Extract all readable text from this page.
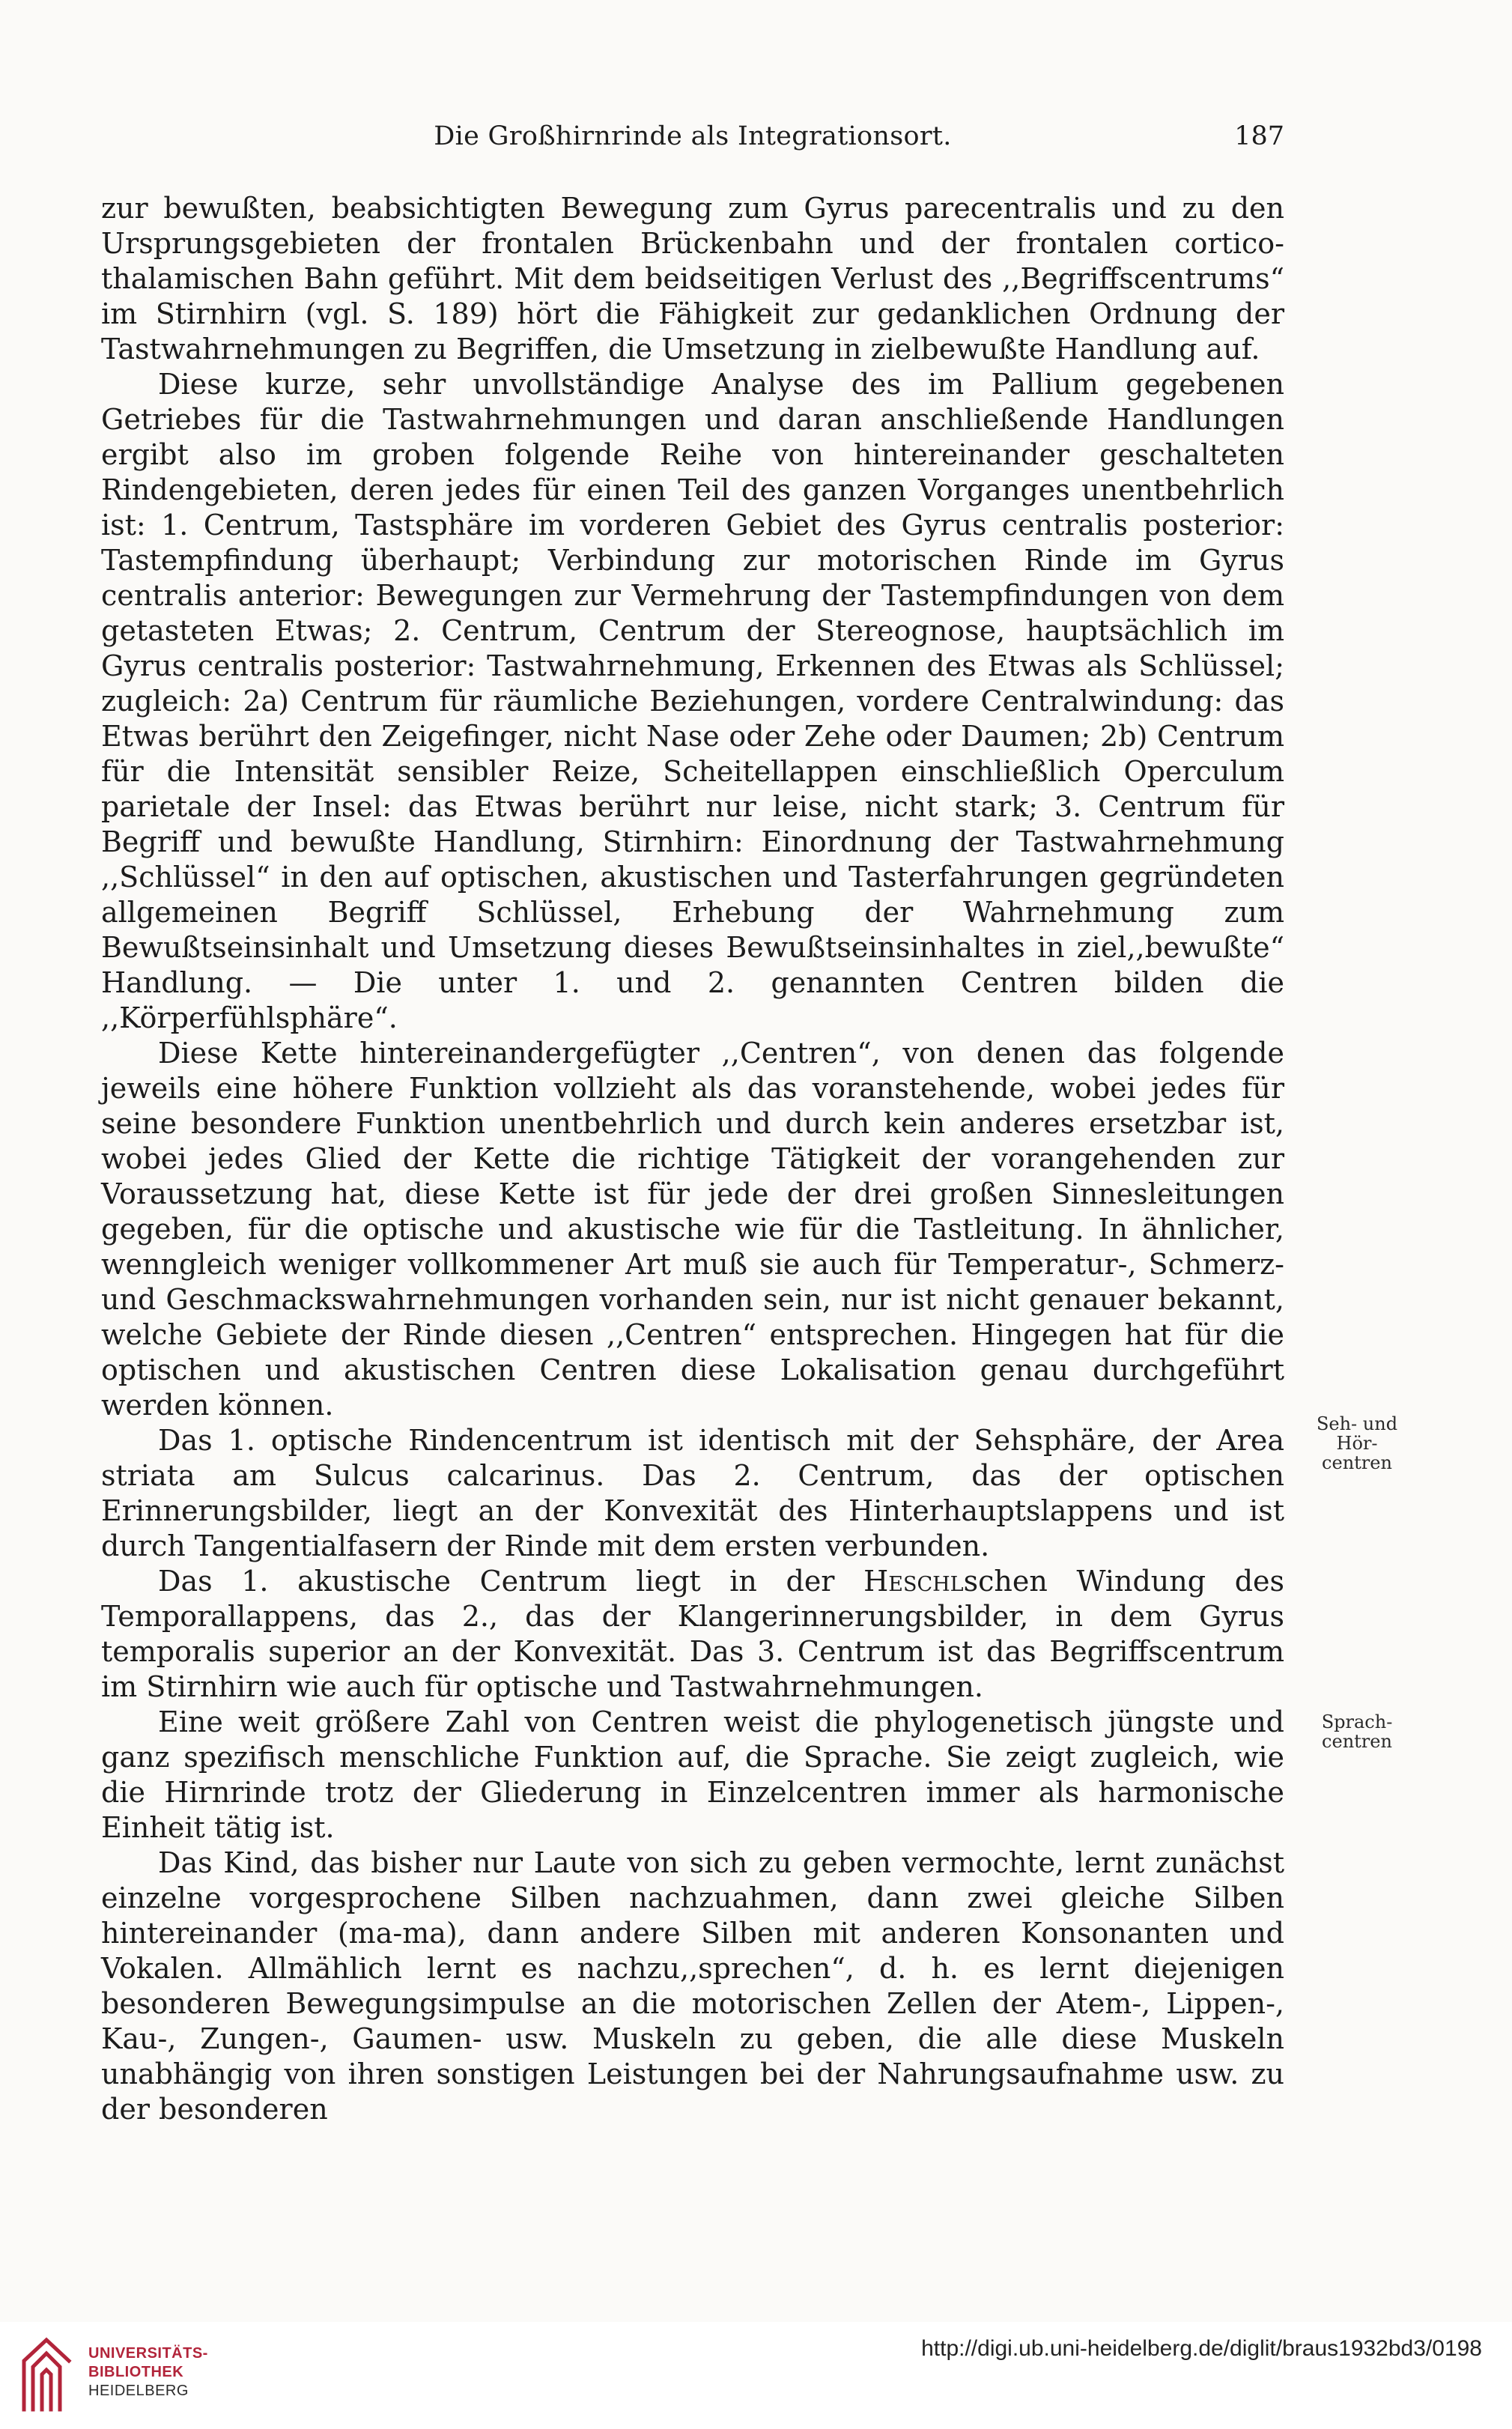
Die Großhirnrinde als Integrationsort.	187

zur bewußten, beabsichtigten Bewegung zum Gyrus parecentralis und zu den Ursprungsgebieten der frontalen Brückenbahn und der frontalen cortico-thalamischen Bahn geführt. Mit dem beidseitigen Verlust des ,,Begriffscentrums“ im Stirnhirn (vgl. S. 189) hört die Fähigkeit zur gedanklichen Ordnung der Tastwahrnehmungen zu Begriffen, die Umsetzung in zielbewußte Handlung auf.

Diese kurze, sehr unvollständige Analyse des im Pallium gegebenen Getriebes für die Tastwahrnehmungen und daran anschließende Handlungen ergibt also im groben folgende Reihe von hintereinander geschalteten Rindengebieten, deren jedes für einen Teil des ganzen Vorganges unentbehrlich ist: 1. Centrum, Tastsphäre im vorderen Gebiet des Gyrus centralis posterior: Tastempfindung überhaupt; Verbindung zur motorischen Rinde im Gyrus centralis anterior: Bewegungen zur Vermehrung der Tastempfindungen von dem getasteten Etwas; 2. Centrum, Centrum der Stereognose, hauptsächlich im Gyrus centralis posterior: Tastwahrnehmung, Erkennen des Etwas als Schlüssel; zugleich: 2a) Centrum für räumliche Beziehungen, vordere Centralwindung: das Etwas berührt den Zeigefinger, nicht Nase oder Zehe oder Daumen; 2b) Centrum für die Intensität sensibler Reize, Scheitellappen einschließlich Operculum parietale der Insel: das Etwas berührt nur leise, nicht stark; 3. Centrum für Begriff und bewußte Handlung, Stirnhirn: Einordnung der Tastwahrnehmung ,,Schlüssel“ in den auf optischen, akustischen und Tasterfahrungen gegründeten allgemeinen Begriff Schlüssel, Erhebung der Wahrnehmung zum Bewußtseinsinhalt und Umsetzung dieses Bewußtseinsinhaltes in ziel,,bewußte“ Handlung. — Die unter 1. und 2. genannten Centren bilden die ,,Körperfühlsphäre“.

Diese Kette hintereinandergefügter ,,Centren“, von denen das folgende jeweils eine höhere Funktion vollzieht als das voranstehende, wobei jedes für seine besondere Funktion unentbehrlich und durch kein anderes ersetzbar ist, wobei jedes Glied der Kette die richtige Tätigkeit der vorangehenden zur Voraussetzung hat, diese Kette ist für jede der drei großen Sinnesleitungen gegeben, für die optische und akustische wie für die Tastleitung. In ähnlicher, wenngleich weniger vollkommener Art muß sie auch für Temperatur-, Schmerz- und Geschmackswahrnehmungen vorhanden sein, nur ist nicht genauer bekannt, welche Gebiete der Rinde diesen ,,Centren“ entsprechen. Hingegen hat für die optischen und akustischen Centren diese Lokalisation genau durchgeführt werden können.

Das 1. optische Rindencentrum ist identisch mit der Sehsphäre, der Area striata am Sulcus calcarinus. Das 2. Centrum, das der optischen Erinnerungsbilder, liegt an der Konvexität des Hinterhauptslappens und ist durch Tangentialfasern der Rinde mit dem ersten verbunden.

Das 1. akustische Centrum liegt in der Heschlschen Windung des Temporallappens, das 2., das der Klangerinnerungsbilder, in dem Gyrus temporalis superior an der Konvexität. Das 3. Centrum ist das Begriffscentrum im Stirnhirn wie auch für optische und Tastwahrnehmungen.

Eine weit größere Zahl von Centren weist die phylogenetisch jüngste und ganz spezifisch menschliche Funktion auf, die Sprache. Sie zeigt zugleich, wie die Hirnrinde trotz der Gliederung in Einzelcentren immer als harmonische Einheit tätig ist.

Das Kind, das bisher nur Laute von sich zu geben vermochte, lernt zunächst einzelne vorgesprochene Silben nachzuahmen, dann zwei gleiche Silben hintereinander (ma-ma), dann andere Silben mit anderen Konsonanten und Vokalen. Allmählich lernt es nachzu,,sprechen“, d. h. es lernt diejenigen besonderen Bewegungsimpulse an die motorischen Zellen der Atem-, Lippen-, Kau-, Zungen-, Gaumen- usw. Muskeln zu geben, die alle diese Muskeln unabhängig von ihren sonstigen Leistungen bei der Nahrungsaufnahme usw. zu der besonderen

Seh- und
Hör-
centren
Sprach-
centren
UNIVERSITÄTS-
BIBLIOTHEK
HEIDELBERG
http://digi.ub.uni-heidelberg.de/diglit/braus1932bd3/0198
